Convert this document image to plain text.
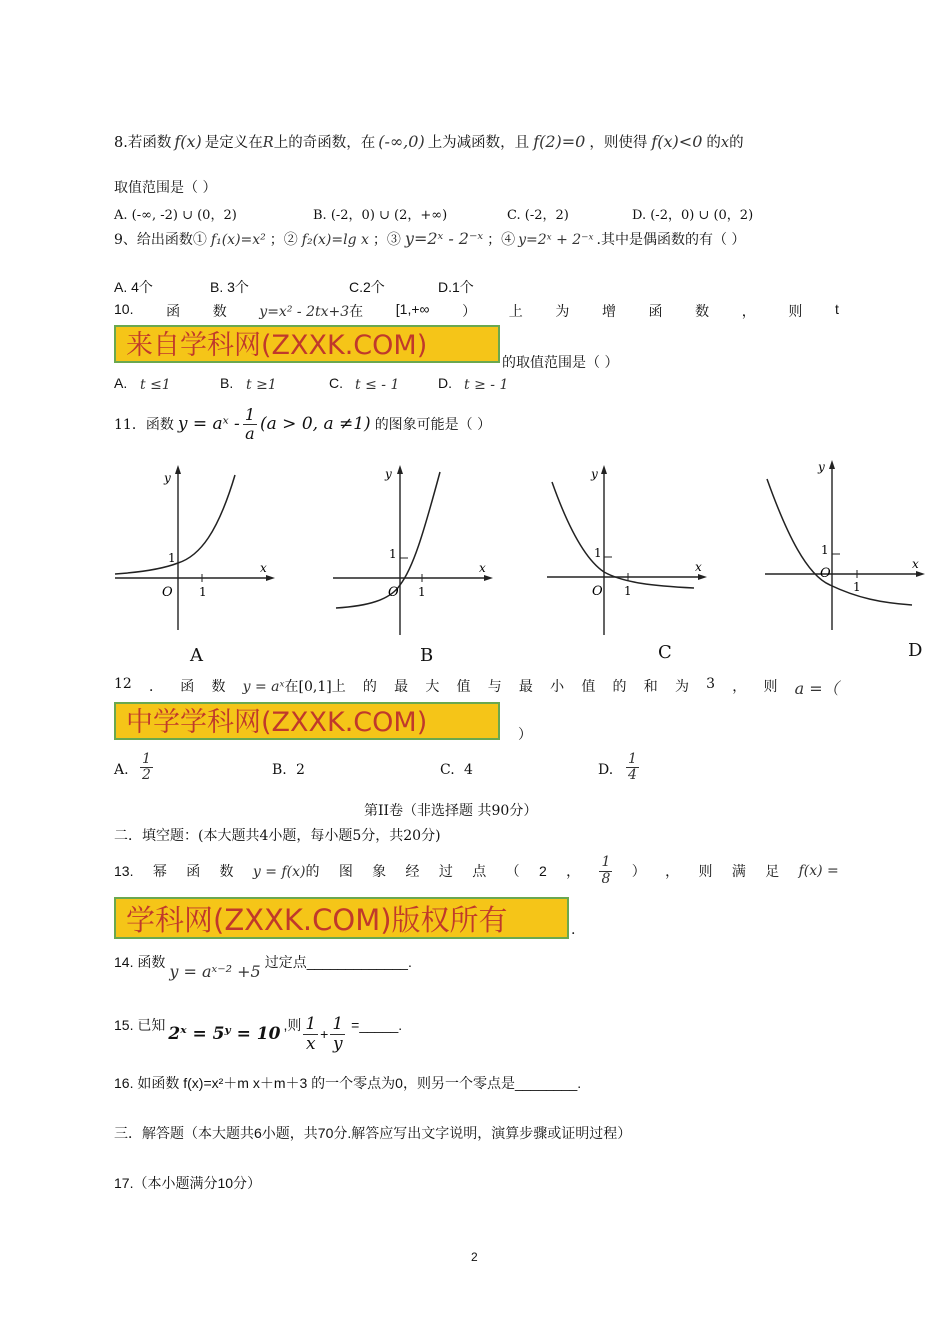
8.若函数 f(x) 是定义在R上的奇函数，在 (-∞,0) 上为减函数，且 f(2)=0 ，则使得 f(x)<0 的x的
取值范围是（ ）
A. (-∞, -2) ∪ (0，2)	B. (-2，0) ∪ (2，+∞)	C. (-2，2)	D. (-2，0) ∪ (0，2)
9、给出函数① f₁(x)=x² ；② f₂(x)=lg x ；③ y=2ˣ - 2⁻ˣ ；④ y=2ˣ + 2⁻ˣ .其中是偶函数的有（ ）
A. 4个	B. 3个	C.2个	D.1个
10. 函 数 y=x² - 2tx+3在 [1,+∞ ） 上 为 增 函 数 ， 则 t
来自学科网(ZXXK.COM)
的取值范围是（ ）
A. t ≤1	B. t ≥1	C. t ≤ - 1	D. t ≥ - 1
11．函数 y = aˣ - $\frac{1}{a} (a > 0$, a ≠1) 的图象可能是（ ）
y
x
O
1
1
A
y
x
O
1
1
B
y
x
O
1
1
C
y
x
O
1
1
D
12 ． 函 数 y = aˣ在[0,1]上 的 最 大 值 与 最 小 值 的 和 为 3 ， 则 a =（
中学学科网(ZXXK.COM)	）
A. $\frac{1}{2}$	B. 2	C. 4	D. $\frac{1}{4}$
第II卷（非选择题 共90分）
二．填空题：(本大题共4小题，每小题5分，共20分)
13. 幂 函 数 y = f(x)的 图 象 经 过 点 （ 2 ， $\frac{1}{8}$ ） ， 则 满 足 f(x) =
学科网(ZXXK.COM)版权所有	.
14. 函数 y = aˣ⁻² +5 过定点_____________.
15. 已知 2ˣ = 5ʸ = 10 ,则 $\frac{1}{x} + \frac{1}{y}$ =_____.
16. 如函数 f(x)=x²＋m x＋m＋3 的一个零点为0，则另一个零点是________.
三．解答题（本大题共6小题，共70分.解答应写出文字说明，演算步骤或证明过程）
17.（本小题满分10分）
2
